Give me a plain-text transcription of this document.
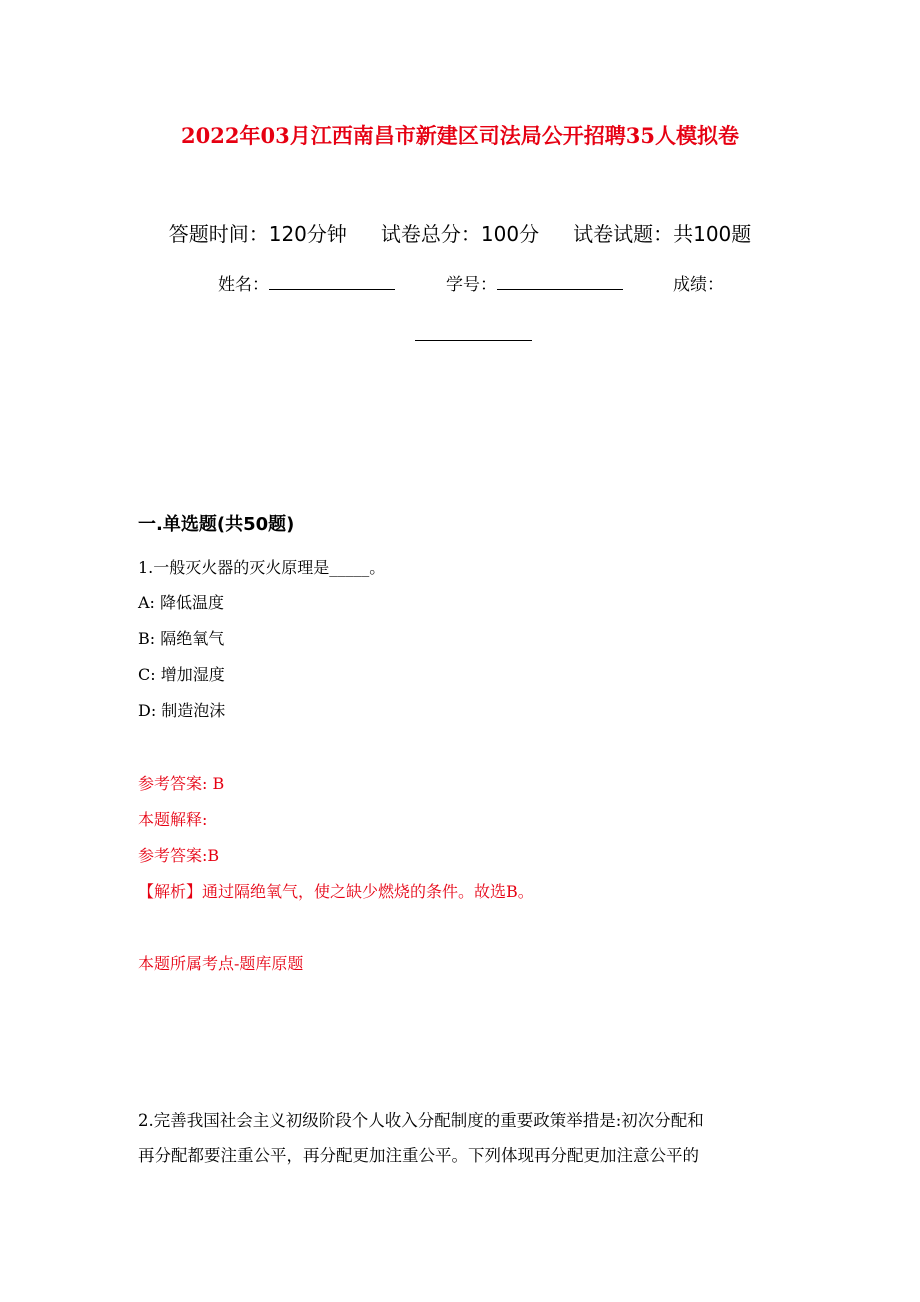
2022年03月江西南昌市新建区司法局公开招聘35人模拟卷
答题时间：120分钟 试卷总分：100分 试卷试题：共100题
姓名：	学号：	成绩：
一.单选题(共50题)
1.一般灭火器的灭火原理是_____。
A: 降低温度
B: 隔绝氧气
C: 增加湿度
D: 制造泡沫
参考答案: B
本题解释:
参考答案:B
【解析】通过隔绝氧气，使之缺少燃烧的条件。故选B。
本题所属考点-题库原题
2.完善我国社会主义初级阶段个人收入分配制度的重要政策举措是:初次分配和
再分配都要注重公平，再分配更加注重公平。下列体现再分配更加注意公平的
